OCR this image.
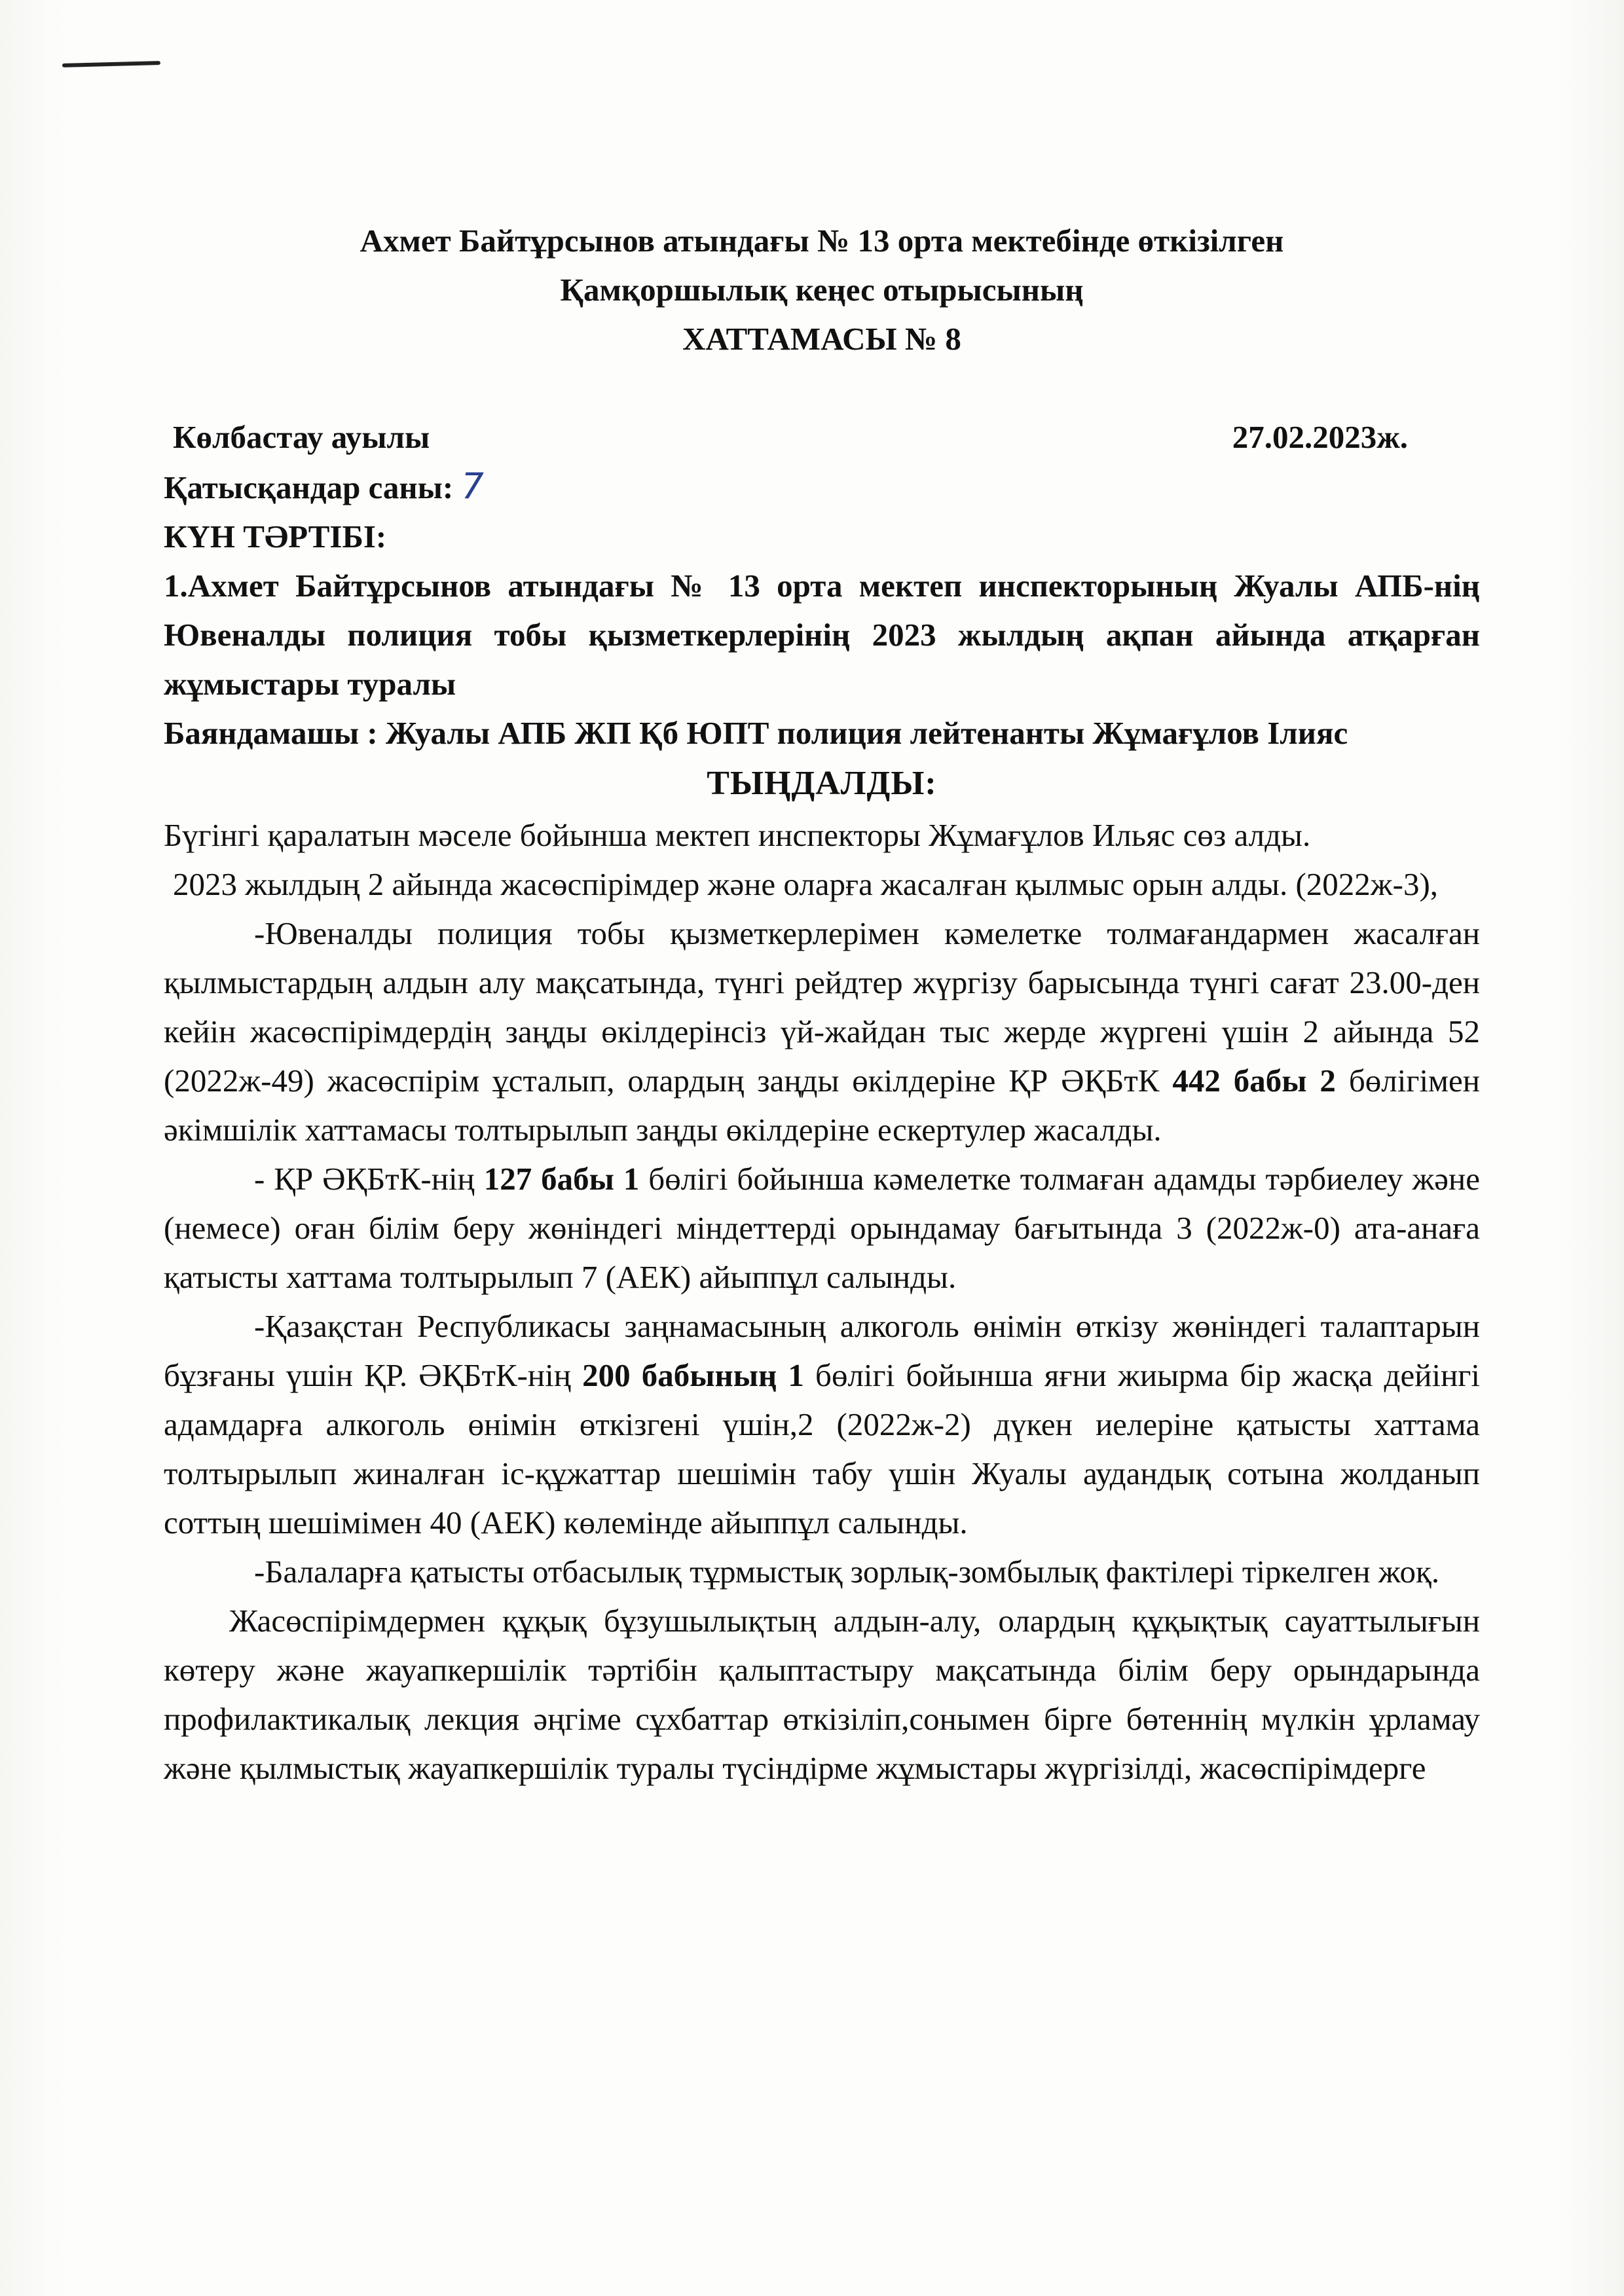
Ахмет Байтұрсынов атындағы № 13 орта мектебінде өткізілген
Қамқоршылық кеңес отырысының
ХАТТАМАСЫ № 8
Көлбастау ауылы	27.02.2023ж.
Қатысқандар саны: 7
КҮН ТӘРТІБІ:

1.Ахмет Байтұрсынов атындағы № 13 орта мектеп инспекторының Жуалы АПБ-нің Ювеналды полиция тобы қызметкерлерінің 2023 жылдың ақпан айында атқарған жұмыстары туралы

Баяндамашы : Жуалы АПБ ЖП Қб ЮПТ полиция лейтенанты Жұмағұлов Ілияс

ТЫҢДАЛДЫ:

Бүгінгі қаралатын мәселе бойынша мектеп инспекторы Жұмағұлов Ильяс сөз алды.

2023 жылдың 2 айында жасөспірімдер және оларға жасалған қылмыс орын алды. (2022ж-3),

-Ювеналды полиция тобы қызметкерлерімен кәмелетке толмағандармен жасалған қылмыстардың алдын алу мақсатында, түнгі рейдтер жүргізу барысында түнгі сағат 23.00-ден кейін жасөспірімдердің заңды өкілдерінсіз үй-жайдан тыс жерде жүргені үшін 2 айында 52 (2022ж-49) жасөспірім ұсталып, олардың заңды өкілдеріне ҚР ӘҚБтК 442 бабы 2 бөлігімен әкімшілік хаттамасы толтырылып заңды өкілдеріне ескертулер жасалды.

- ҚР ӘҚБтК-нің 127 бабы 1 бөлігі бойынша кәмелетке толмаған адамды тәрбиелеу және (немесе) оған білім беру жөніндегі міндеттерді орындамау бағытында 3 (2022ж-0) ата-анаға қатысты хаттама толтырылып 7 (АЕК) айыппұл салынды.

-Қазақстан Республикасы заңнамасының алкоголь өнімін өткізу жөніндегі талаптарын бұзғаны үшін ҚР. ӘҚБтК-нің 200 бабының 1 бөлігі бойынша яғни жиырма бір жасқа дейінгі адамдарға алкоголь өнімін өткізгені үшін,2 (2022ж-2) дүкен иелеріне қатысты хаттама толтырылып жиналған іс-құжаттар шешімін табу үшін Жуалы аудандық сотына жолданып соттың шешімімен 40 (АЕК) көлемінде айыппұл салынды.

-Балаларға қатысты отбасылық тұрмыстық зорлық-зомбылық фактілері тіркелген жоқ.

Жасөспірімдермен құқық бұзушылықтың алдын-алу, олардың құқықтық сауаттылығын көтеру және жауапкершілік тәртібін қалыптастыру мақсатында білім беру орындарында профилактикалық лекция әңгіме сұхбаттар өткізіліп,сонымен бірге бөтеннің мүлкін ұрламау және қылмыстық жауапкершілік туралы түсіндірме жұмыстары жүргізілді, жасөспірімдерге
